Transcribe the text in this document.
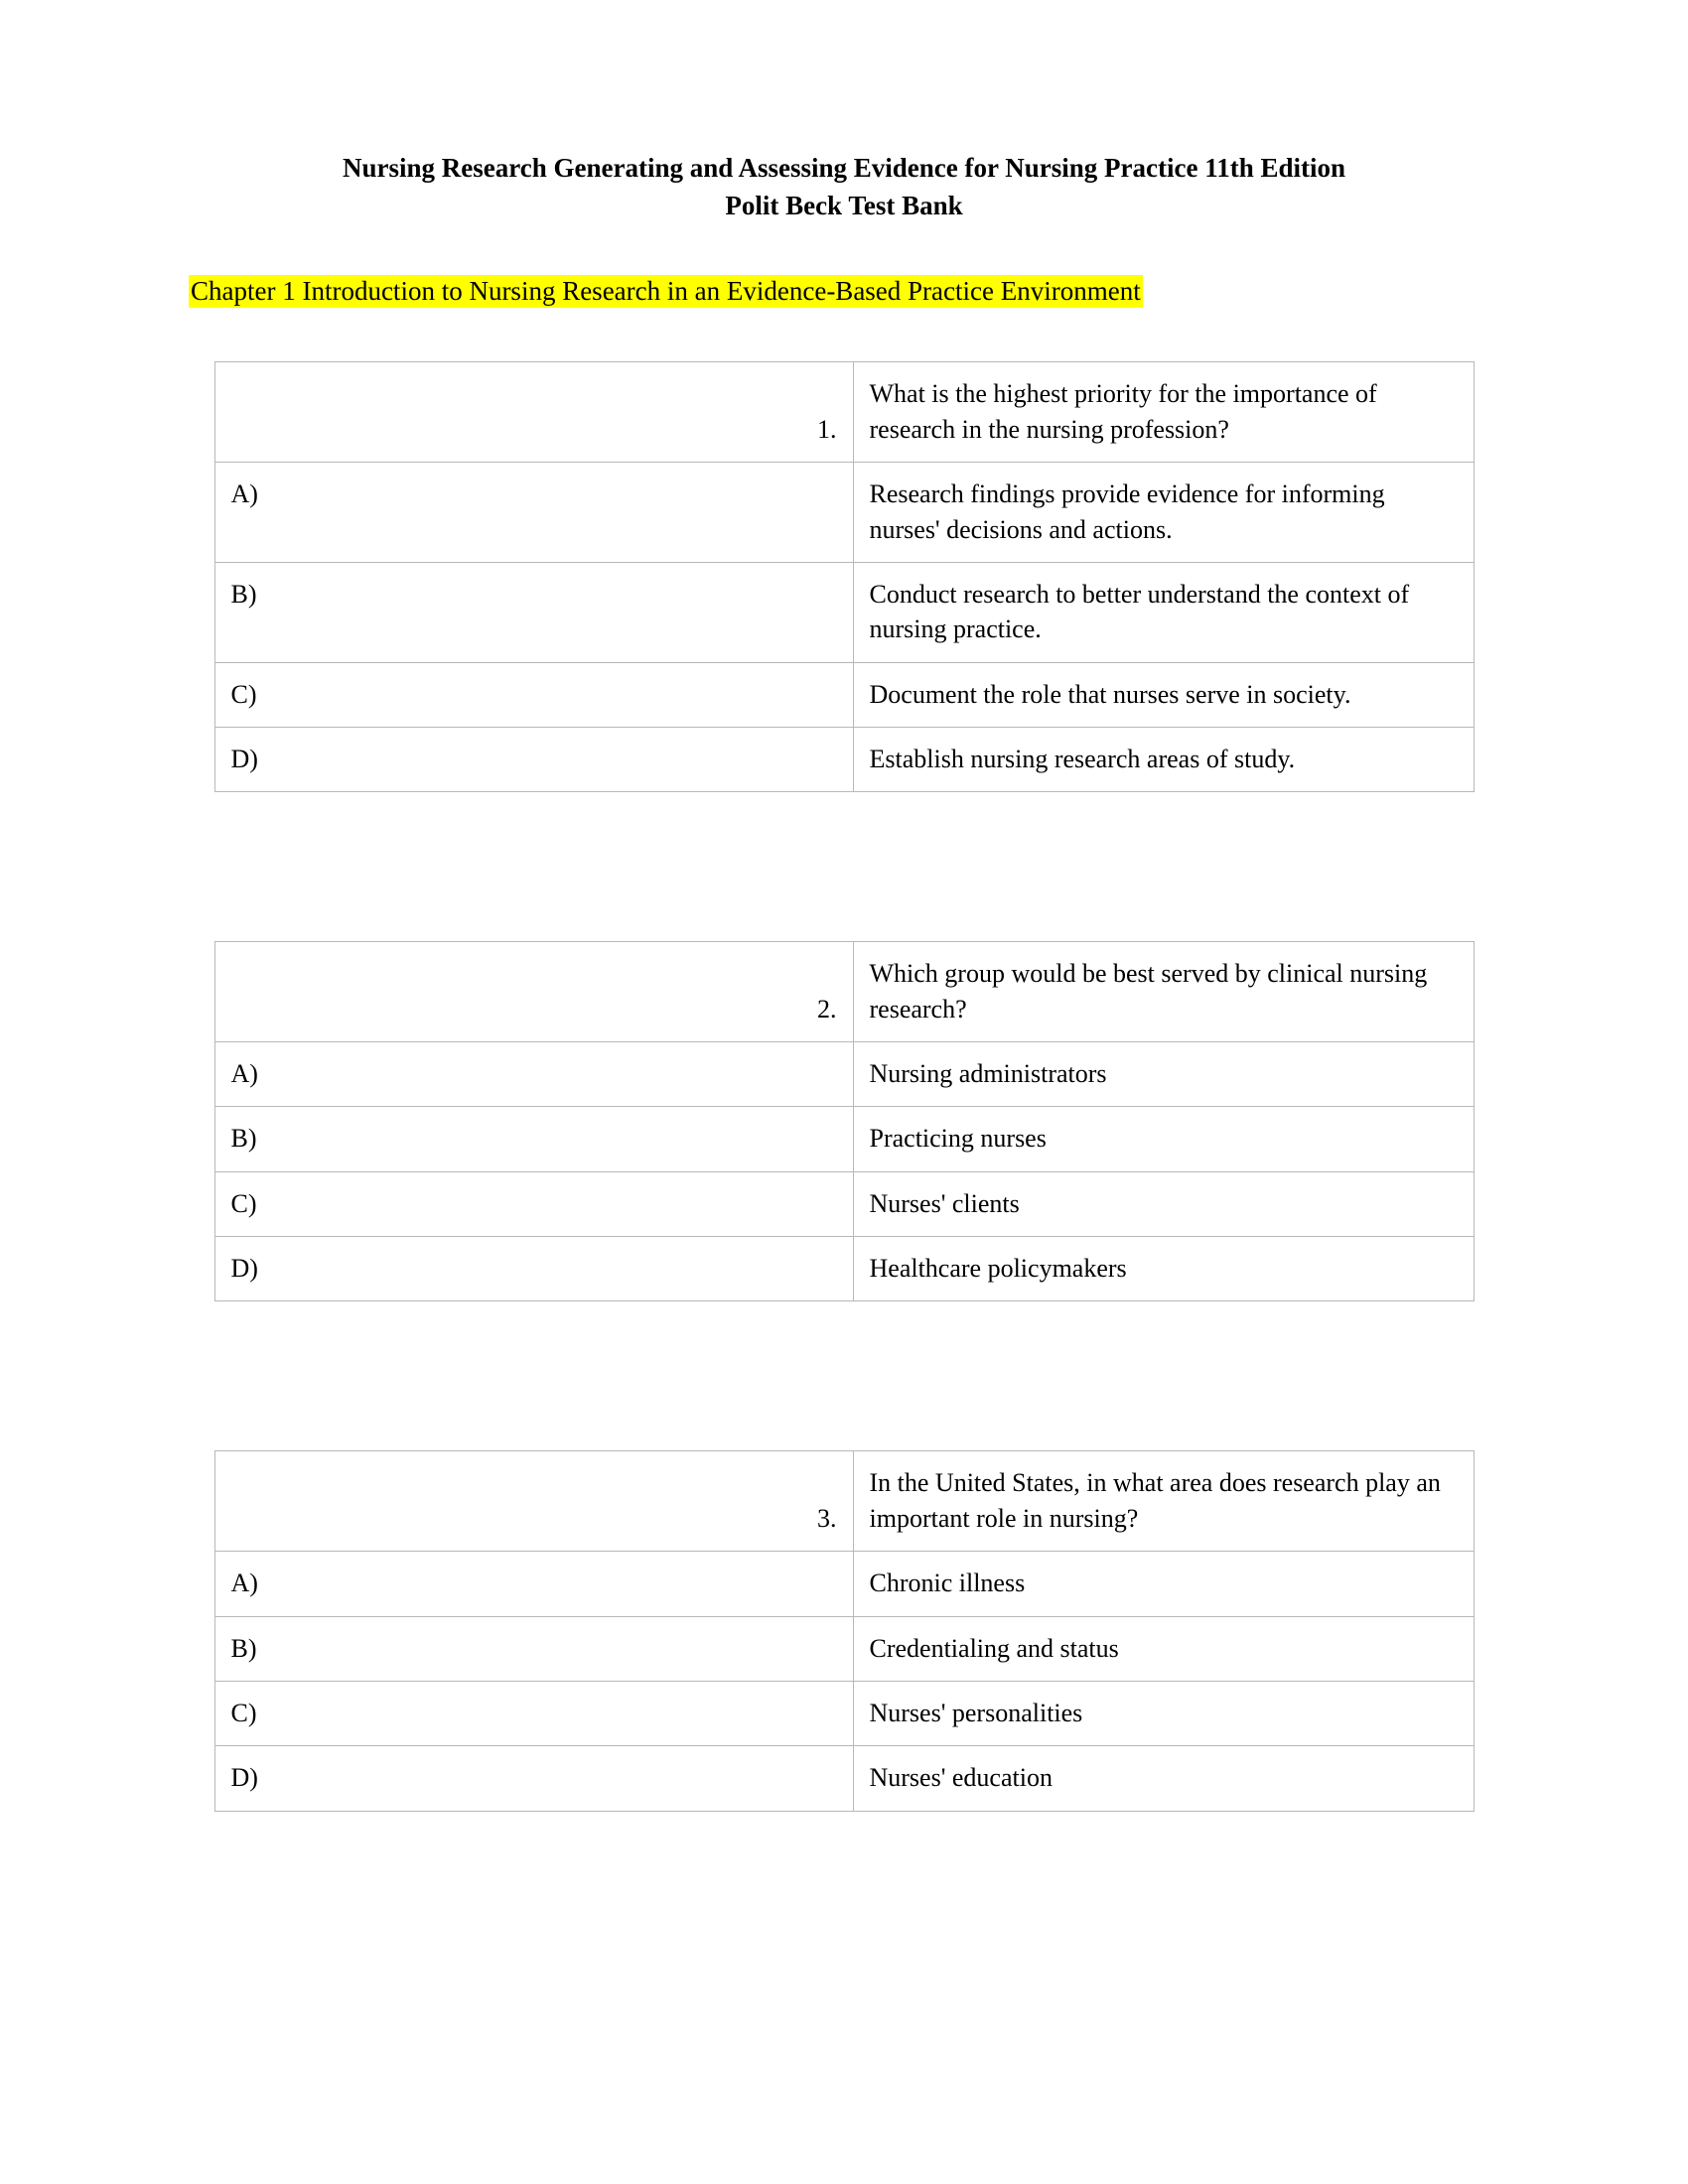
Nursing Research Generating and Assessing Evidence for Nursing Practice 11th Edition
Polit Beck Test Bank
Chapter 1 Introduction to Nursing Research in an Evidence-Based Practice Environment
1.	What is the highest priority for the importance of research in the nursing profession?
A)	Research findings provide evidence for informing nurses' decisions and actions.
B)	Conduct research to better understand the context of nursing practice.
C)	Document the role that nurses serve in society.
D)	Establish nursing research areas of study.
2.	Which group would be best served by clinical nursing research?
A)	Nursing administrators
B)	Practicing nurses
C)	Nurses' clients
D)	Healthcare policymakers
3.	In the United States, in what area does research play an important role in nursing?
A)	Chronic illness
B)	Credentialing and status
C)	Nurses' personalities
D)	Nurses' education
